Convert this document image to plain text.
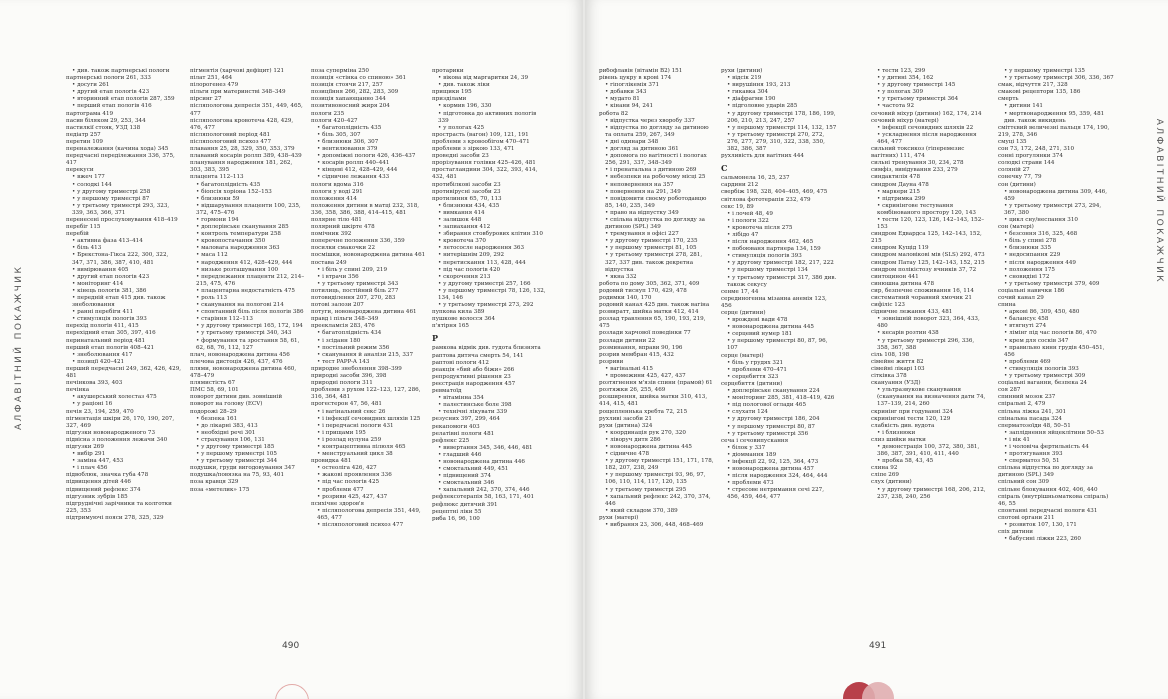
АЛФАВІТНИЙ ПОКАЖЧИК
• див. також партнерські пологи
партнерські пологи 261, 333
• досуги 261
• другий етап пологів 423
• вторинний етап пологів 287, 359
• перший етап пологів 416
партограма 419
пасив біляком 29, 253, 344
пастилкії стояк, УЗД 138
педіатр 257
перетин 109
переналежання (качина хода) 345
передчасні переділежання 336, 375, 417
перекуси
• вжеч 177
• солодкі 144
• у другому триместрі 258
• у першому триместрі 87
• у третьому триместрі 293, 323, 339, 363, 366, 371
перенесені прослуховування 418–419
перебіг 115
перебій
• активна фаза 413–414
• біль 413
• Брекстона-Гікса 222, 300, 322, 347, 371, 386, 387, 410, 481
• вимірювання 405
• другий етап пологів 423
• моніторинг 414
• кінець пологів 381, 386
• передній етап 415 див. також знеболювання
• ранні перебіги 411
• стимуляція пологів 393
перехід пологів 411, 415
перехідний етап 305, 397, 416
перинатальний період 481
перший етап пологів 408–421
• знеболювання 417
• позиції 420–421
перший передчасні 249, 362, 426, 429, 481
печінкова 393, 403
печінка
• акушерський холестаз 475
• у раціоні 16
печія 23, 194, 259, 470
пігментація шкіри 26, 170, 190, 207, 327, 469
підгузки новонародженого 73
підвісна з положення лежачи 340
підгузки 269
• вибір 291
• заміна 447, 453
• і плач 456
підвоблюк, значка губа 478
підвищення дітей 446
підвищений рефлекс 374
підгузник зубрів 185
підгруднічні зарічники та колготки 225, 353
підтримуючі пояси 278, 325, 329
пігментія (харчові дефіцит) 121
пілат 251, 464
пілорогенез 479
пільги при материнстві 348–349
пірсинг 27
післяпологова депресія 351, 449, 465, 477
післяпологова кровотеча 428, 429, 476, 477
післяпологовий період 481
післяпологовий психоз 477
плавання 25, 28, 329, 350, 353, 379
плаваний косарів роллп 389, 438–439
планування народження 181, 262, 303, 383, 395
плацента 112–113
• багатоплідність 435
• біопсія хоріона 152–153
• близнюки 59
• відшарування плаценти 100, 235, 372, 475–476
• гормони 194
• доплерівське сканування 285
• контроль температури 258
• кровопостачання 350
• маловага народження 363
• маса 112
• народження 412, 428–429, 444
• низьке розташування 100
• передлежання плаценти 212, 214–215, 475, 476
• плацентарна недостатність 475
• роль 113
• сканування на пологові 214
• спонтанний біль після пологів 386
• старіння 112–113
• у другому триместрі 165, 172, 194
• у третьому триместрі 340, 343
• формування та зростання 58, 61, 62, 68, 76, 112, 127
плач, новонароджена дитина 456
плечова дистоція 426, 437, 476
плями, новонароджена дитина 460, 478–479
плямистість 67
ПМС 58, 69, 101
поворот дитини див. зовнішній поворот на голову (ECV)
подорожі 28–29
• безпека 161
• до лікарні 383, 413
• необхідні речі 301
• страхування 106, 131
• у другому триместрі 185
• у першому триместрі 105
• у третьому триместрі 344
подушки, груди вигодовування 347
подушка/повязка на 75, 93, 401
поза кравця 329
поза «метелик» 175
поза суперміна 250
позиція «стінка со спиною» 361
позиція стоячи 217, 257
позиціїння 266, 282, 283, 309
позиція хапающанно 344
позитивоносний жиря 204
пологи 235
пологи 420–427
• багатоплідність 435
• біль 305, 307
• близнюки 306, 307
• вентилювання 379
• допоміжні пологи 426, 436–437
• косарів роллп 440–441
• кінцеві 412, 428–429, 444
• сідничне лежання 433
пологи вдома 316
пологи у воді 291
положення 414
положення дитини в матці 232, 318, 336, 358, 386, 388, 414–415, 481
полярне тіло 481
полярний шкірте 478
помічник 392
поперечне положення 336, 359
посилки смакочки 22
посмішки, новонароджена дитина 461
постава 249
• і біль у спині 209, 219
• і втрачи 356
• у третьому триместрі 343
потилиць, постійний біль 277
потовиділення 207, 270, 283
потові залози 207
потуги, новонароджена дитина 461
правд і пільги 348–349
преекламсія 283, 476
• багатоплідність 434
• і зсіданн 180
• постільний режим 356
• сканування й аналізи 215, 337
• тест PAPP-A 143
природне знеболення 398–399
природні засоби 396, 398
природні пологи 311
проблеми з рухом 122–123, 127, 286, 316, 364, 481
прогестерон 47, 56, 481
• і вагінальний секс 26
• і інфекції сечовидних шляхів 125
• і передчасні пологи 431
• і прищами 195
• і розлад нулуна 259
• контрацептивна пілюля 465
• менструальний цикл 38
провидка 481
• остеоліга 426, 427
• жакові проявлення 336
• під час пологів 425
• проблеми 477
• розриви 425, 427, 437
психічне здоров'я
• післяпологова депресія 351, 449, 465, 477
• післяпологовий психоз 477
протарики
• вікова від маргаритки 24, 39
• див. також ліки
прищики 195
призділами
• кормив 196, 330
• підготовка до активних пологів 339
• у пологах 425
прострасть (вагон) 109, 121, 191
проблеми з кровообігом 470–471
проблеми з зіркою 133, 471
проведні засоби 23
прорізування голівки 425–426, 481
простагландини 304, 322, 393, 414, 432, 481
протибілкові засоби 23
противірусні засоби 23
протилиння 65, 70, 113
• близнюки 434, 435
• вимкання 414
• залишок 448
• запиахання 412
• збирання стовбурових клітин 310
• кровотеча 370
• летососле народження 363
• нитерішнім 209, 292
• перетискання 113, 428, 444
• під час пологів 420
• скорочення 213
• у другому триместрі 257, 166
• у першому триместрі 78, 126, 132, 134, 146
• у третьому триместрі 273, 292
пупкова кила 389
пушкове волосся 364
п'ятірня 165
Р
рамкова відмік див. гудота близнята
раптова дитяча смерть 54, 141
раптові пологи 412
реакція «бий або біжи» 266
репродуктивні рішення 23
реєстрація народження 457
ревматоїд
• вітамінна 354
• палестинське боле 398
• технічні лікувати 339
резусних 397, 299, 464
рекапомоги 403
релатівні пологи 481
рефлекс 225
• вивертання 345, 346, 446, 481
• гладший 446
• новонароджена дитина 446
• смоктальний 449, 451
• підвищений 374
• смоктальний 346
• хапальний 242, 370, 374, 446
рефлексотерапія 58, 163, 171, 401
рефлюкс дитячий 391
рецептні ліки 55
риба 16, 96, 100
490
рибофлавін (вітамін В2) 151
рівень цукру в крові 174
• гіпоглікемія 371
• добавки 343
• мудато 81
• кінани 94, 241
робота 82
• відпустка через хворобу 337
• відпустка по догляду за дитиною та оплата 259, 267, 349
• дні одинари 348
• догляд за дитиною 361
• допомога по вагітності і пологах 256, 291, 337, 348–349
• і пренатальна з дитиною 269
• небезпеки на робочому місці 25
• неповернення на 357
• повернення на 291, 349
• повідомити своєму роботодавцю 85, 140, 235, 349
• право на відпустку 349
• спільна відпустка по догляду за дитиною (SPL) 349
• тремування в офісі 227
• у другому триместрі 170, 235
• у першому триместрі 81, 105
• у третьому триместрі 278, 281, 327, 337 див. також декретна відпустка
• якна 332
робота по дому 305, 362, 371, 409
родовий тиснуп 170, 429, 478
родимки 140, 170
родовий канал 425 див. також вагіна
розвиратт, шийка матки 412, 414
розлад травлення 65, 190, 193, 219, 475
розлади харчової поведінки 77
розлади дитини 22
розминання, вправи 90, 196
розрив мембран 415, 432
розриви
• вагінальні 415
• промежини 425, 427, 437
розтягнення м'язів спини (прамой) 61
розтяжки 26, 255, 469
розширення, шийка матки 310, 413, 414, 415, 481
рощепленнька хребта 72, 215
рухливі засоби 21
рухи (дитина) 324
• координація рук 270, 320
• ліворуч дитя 286
• новонароджена дитина 445
• сідничне 478
• у другому триместрі 151, 171, 178, 182, 207, 238, 249
• у першому триместрі 93, 96, 97, 106, 110, 114, 117, 120, 135
• у третьому триместрі 295
• хапальний рефлекс 242, 370, 374, 446
• який складом 370, 389
рухи (матері)
• вибрання 23, 306, 448, 468–469
рухи (дитини)
• відсік 219
• вирушіння 193, 213
• гикавка 304
• діафрагми 190
• підголовне ударів 285
• у другому триместрі 178, 186, 199, 206, 210, 213, 247, 257
• у першому триместрі 114, 132, 157
• у третьому триместрі 270, 272, 276, 277, 279, 310, 322, 338, 350, 382, 386, 387
рухливість для вагітних 444
С
сальмонела 16, 25, 237
сардини 212
свербіж 198, 328, 404–405, 469, 475
світлова фототерапія 232, 479
секс 19, 89
• і лочей 48, 49
• і пологи 322
• кровотеча після 275
• лібідо 47
• після народження 462, 465
• побоюваня партнера 134, 159
• стимуляція пологів 393
• у другому триместрі 182, 217, 222
• у першому триместрі 134
• у третьому триместрі 317, 386 див. також секусу
сенме 17, 44
серединогенна мізанна анемія 123, 456
серце (дитини)
• врождені вади 478
• новонароджена дитина 445
• серцевий нумер 181
• у першому триместрі 80, 87, 96, 107
серце (матері)
• біль у грудях 321
• проблеми 470–471
• серцебиття 323
серцебиття (дитини)
• доплерівське сканування 224
• моніторинг 285, 381, 418–419, 426
• під пологової оглади 465
• слухати 124
• у другому триместрі 186, 204
• у першому триместрі 80, 87
• у третьому триместрі 356
сеча і сечовипускання
• білок у 337
• діоммання 189
• інфекції 22, 92, 125, 364, 473
• новонароджена дитина 457
• після народження 324, 464, 444
• проблеми 473
• стресове нетримання сечі 227, 456, 459, 464, 477
• тести 123, 299
• у дитині 354, 162
• у другому триместрі 145
• у пологах 309
• у третьому триместрі 364
• частота 92
сечовий міхур (дитини) 162, 174, 214
сечовий міхур (матері)
• інфекції сечовидних шляхів 22
• ускладнення після народження 464, 477
сильний токсикоз (гіперемезис вагітних) 111, 474
сильні тренування 30, 234, 278
симфіз, вивідування 233, 279
синдактилія 478
синдром Дауна 478
• маркери 215
• підтримка 299
• скринінгове тестування комбінованого простору 120, 143
• тести 120, 123, 126, 142–143, 152–153
синдром Едвардса 125, 142–143, 152, 215
синдром Кущід 119
синдром маловікові мів (SLS) 292, 473
синдром Патау 125, 142–143, 152, 215
синдром полікістозу ячників 37, 72
синтоцинон 441
синюшна дитина 478
сир, безпечне споживання 16, 114
систематний чоравний хмочик 21
сифіліс 123
сідничне лежання 433, 481
• зовнішній поворот 323, 364, 433, 480
• кесарів розтин 438
• у третьому триместрі 296, 336, 358, 367, 388
сіль 108, 198
сімейне життя 82
сімейні лікарі 103
сітківка 378
скануання (УЗД)
• ультразвукове сканування (сканування на визначення дати 74, 137–139, 214, 260
скринінг при годуванні 324
скринінгові тести 120, 129
слабкість див. вудота
• і близнюки
слиз шийки матки
• демонстрація 100, 372, 380, 381, 386, 387, 391, 410, 411, 440
• пробка 58, 43, 45
слина 92
сліпе 269
слух (дитини)
• у другому триместрі 168, 206, 212, 237, 238, 240, 256
• у першому триместрі 135
• у третьому триместрі 306, 336, 367
смак, відчуття 217, 328
смакові рецептори 135, 186
смерть
• дитини 141
• мертвонародження 95, 359, 481 див. також викидень
сміттєвий величезні пальця 174, 190, 219, 278, 346
смуці 135
сон 73, 172, 248, 271, 310
сонні прогулянки 374
солодкі страви 144
соляній 27
сонечку 77, 79
сон (дитини)
• новонароджена дитина 309, 446, 459
• у третьому триместрі 273, 294, 367, 380
• цикл сну/неспання 310
сон (матері)
• безсоння 316, 325, 468
• біль у спині 278
• близнюки 335
• недосипання 229
• після народження 449
• положення 175
• сновидіні 172
• у третьому триместрі 379, 409
соціальні навички 186
сочий канал 29
спина
• аркові 86, 309, 450, 480
• балансує 458
• втягнуті 274
• лімінг під час пологів 86, 470
• крем для сосків 347
• правильно кинн грудів 450–451, 456
• проблеми 469
• стимуляція пологів 393
• у третьому триместрі 309
соціальні ваганни, безпека 24
соя 287
спинний мозок 237
спіральні 2, 479
спільна ліжка 241, 301
спінальна пасада 324
сперматозоїди 48, 50–51
• запліднення яйцеклітини 50–53
• і вік 41
• і чоловіча фертильність 44
• протягування 393
• сперматоз 50, 51
спільна відпустка по догляду за дитиною (SPL) 349
спільний сон 309
спільне блокування 402, 406, 440
спіраль (внутрішньоматкова спіраль) 46, 55
спонтанні передчасні пологи 431
спотові органи 211
• розвиток 107, 130, 171
спіх дитини
• бабусині ліжки 223, 260
491
АЛФАВІТНИЙ ПОКАЖЧИК
